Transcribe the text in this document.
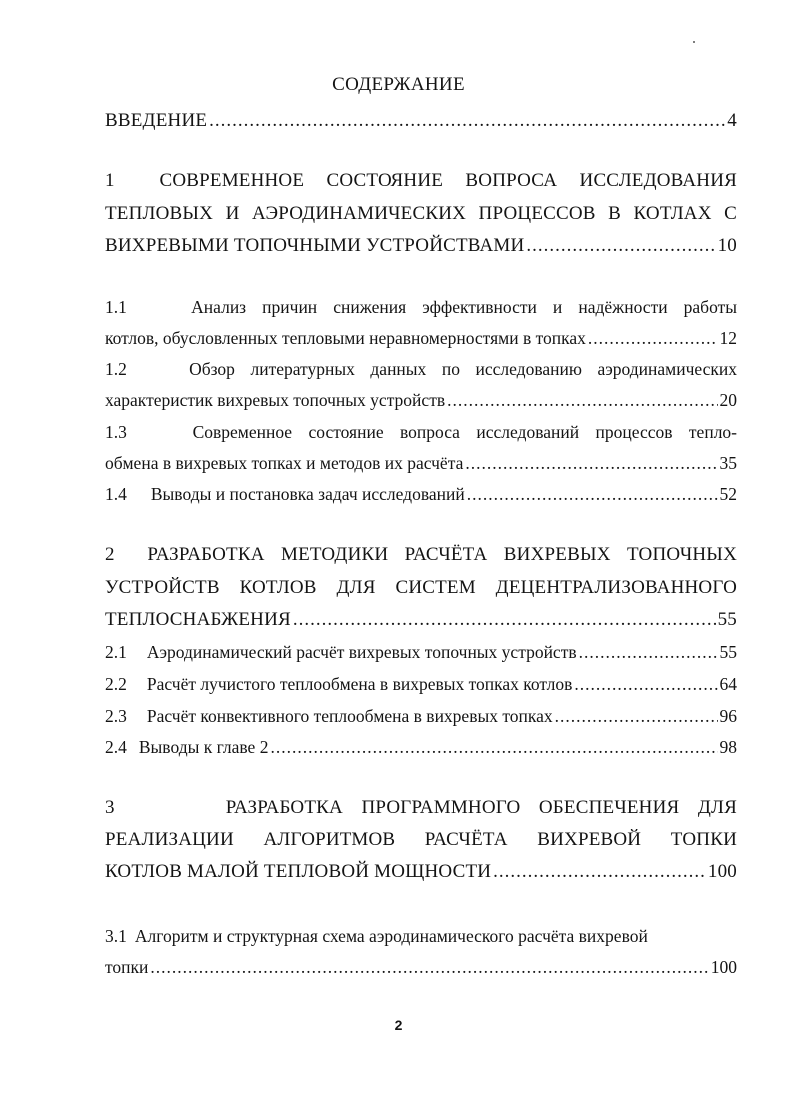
СОДЕРЖАНИЕ
ВВЕДЕНИЕ .....	4
1 СОВРЕМЕННОЕ СОСТОЯНИЕ ВОПРОСА ИССЛЕДОВАНИЯ
ТЕПЛОВЫХ И АЭРОДИНАМИЧЕСКИХ ПРОЦЕССОВ В КОТЛАХ С
ВИХРЕВЫМИ ТОПОЧНЫМИ УСТРОЙСТВАМИ .....	10
1.1	Анализ причин снижения эффективности и надёжности работы
котлов, обусловленных тепловыми неравномерностями в топках .....	12
1.2	Обзор литературных данных по исследованию аэродинамических
характеристик вихревых топочных устройств .....	20
1.3	Современное состояние вопроса исследований процессов тепло-
обмена в вихревых топках и методов их расчёта .....	35
1.4 Выводы и постановка задач исследований .....	52
2 РАЗРАБОТКА МЕТОДИКИ РАСЧЁТА ВИХРЕВЫХ ТОПОЧНЫХ
УСТРОЙСТВ КОТЛОВ ДЛЯ СИСТЕМ ДЕЦЕНТРАЛИЗОВАННОГО
ТЕПЛОСНАБЖЕНИЯ .....	55
2.1 Аэродинамический расчёт вихревых топочных устройств .....	55
2.2 Расчёт лучистого теплообмена в вихревых топках котлов .....	64
2.3 Расчёт конвективного теплообмена в вихревых топках .....	96
2.4 Выводы к главе 2 .....	98
3	РАЗРАБОТКА ПРОГРАММНОГО ОБЕСПЕЧЕНИЯ ДЛЯ
РЕАЛИЗАЦИИ АЛГОРИТМОВ РАСЧЁТА ВИХРЕВОЙ ТОПКИ
КОТЛОВ МАЛОЙ ТЕПЛОВОЙ МОЩНОСТИ .....	100
3.1 Алгоритм и структурная схема аэродинамического расчёта вихревой
топки .....	100
2
